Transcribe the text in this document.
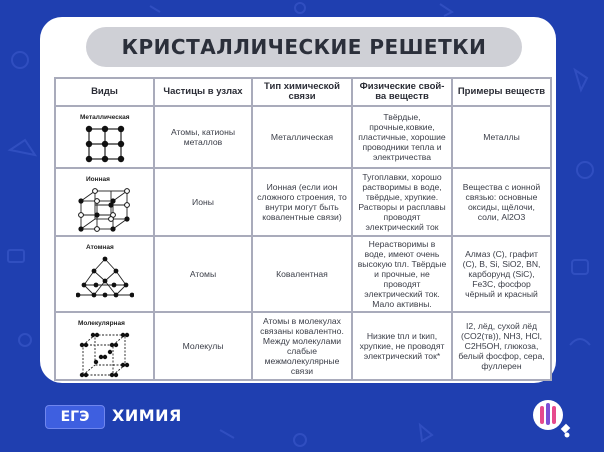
КРИСТАЛЛИЧЕСКИЕ РЕШЕТКИ
Виды	Частицы в узлах	Тип химической связи	Физические свой-ва веществ	Примеры веществ

Металлическая	Атомы, катионы металлов	Металлическая	Твёрдые, прочные,ковкие, пластичные, хорошие проводники тепла и электричества	Металлы

Ионная	Ионы	Ионная (если ион сложного строения, то внутри могут быть ковалентные связи)	Тугоплавки, хорошо растворимы в воде, твёрдые, хрупкие. Растворы и расплавы проводят электрический ток	Вещества с ионной связью: основные оксиды, щёлочи, соли, Al2O3

Атомная	Атомы	Ковалентная	Нерастворимы в воде, имеют очень высокую tпл. Твёрдые и прочные, не проводят электрический ток. Мало активны.	Алмаз (С), графит (С), B, Si, SiO2, BN, карборунд (SiC), Fe3C, фосфор чёрный и красный

Молекулярная	Молекулы	Атомы в молекулах связаны ковалентно. Между молекулами слабые межмолекулярные связи	Низкие tпл и tкип, хрупкие, не проводят электрический ток*	I2, лёд, сухой лёд (CO2(тв)), NH3, HCl, C2H5OH, глюкоза, белый фосфор, сера, фуллерен
ЕГЭ ХИМИЯ
